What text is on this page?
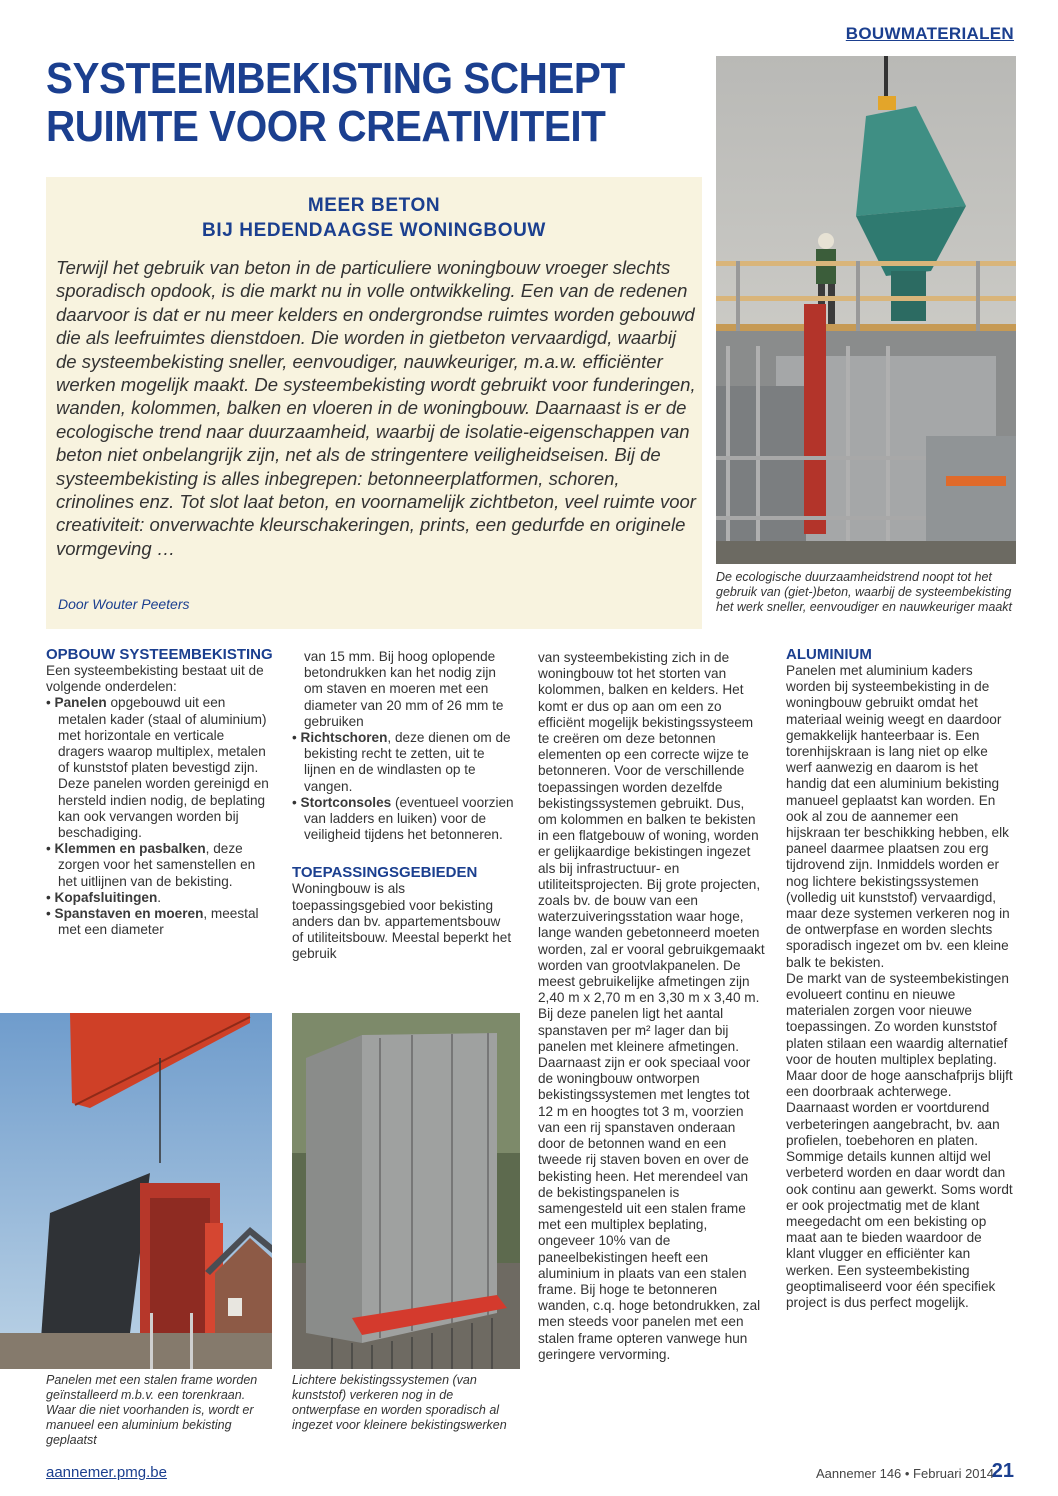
BOUWMATERIALEN
SYSTEEMBEKISTING SCHEPT
RUIMTE VOOR CREATIVITEIT
MEER BETON
BIJ HEDENDAAGSE WONINGBOUW
Terwijl het gebruik van beton in de particuliere woningbouw vroeger slechts sporadisch opdook, is die markt nu in volle ontwikkeling. Een van de redenen daarvoor is dat er nu meer kelders en ondergrondse ruimtes worden gebouwd die als leefruimtes dienstdoen. Die worden in gietbeton vervaardigd, waarbij de systeembekisting sneller, eenvoudiger, nauwkeuriger, m.a.w. efficiënter werken mogelijk maakt. De systeembekisting wordt gebruikt voor funderingen, wanden, kolommen, balken en vloeren in de woningbouw. Daarnaast is er de ecologische trend naar duurzaamheid, waarbij de isolatie-eigenschappen van beton niet onbelangrijk zijn, net als de stringentere veiligheidseisen. Bij de systeembekisting is alles inbegrepen: betonneerplatformen, schoren, crinolines enz. Tot slot laat beton, en voornamelijk zichtbeton, veel ruimte voor creativiteit: onverwachte kleurschakeringen, prints, een gedurfde en originele vormgeving …
Door Wouter Peeters
De ecologische duurzaamheidstrend noopt tot het gebruik van (giet-)beton, waarbij de systeembekisting het werk sneller, eenvoudiger en nauwkeuriger maakt

OPBOUW SYSTEEMBEKISTING

Een systeembekisting bestaat uit de volgende onderdelen:

• Panelen opgebouwd uit een metalen kader (staal of aluminium) met horizontale en verticale dragers waarop multiplex, metalen of kunststof platen bevestigd zijn. Deze panelen worden gereinigd en hersteld indien nodig, de beplating kan ook vervangen worden bij beschadiging.

• Klemmen en pasbalken, deze zorgen voor het samenstellen en het uitlijnen van de bekisting.

• Kopafsluitingen.

• Spanstaven en moeren, meestal met een diameter

van 15 mm. Bij hoog oplopende betondrukken kan het nodig zijn om staven en moeren met een diameter van 20 mm of 26 mm te gebruiken

• Richtschoren, deze dienen om de bekisting recht te zetten, uit te lijnen en de windlasten op te vangen.

• Stortconsoles (eventueel voorzien van ladders en luiken) voor de veiligheid tijdens het betonneren.

TOEPASSINGSGEBIEDEN

Woningbouw is als toepassingsgebied voor bekisting anders dan bv. appartementsbouw of utiliteitsbouw. Meestal beperkt het gebruik

van systeembekisting zich in de woningbouw tot het storten van kolommen, balken en kelders. Het komt er dus op aan om een zo efficiënt mogelijk bekistingssysteem te creëren om deze betonnen elementen op een correcte wijze te betonneren. Voor de verschillende toepassingen worden dezelfde bekistingssystemen gebruikt. Dus, om kolommen en balken te bekisten in een flatgebouw of woning, worden er gelijkaardige bekistingen ingezet als bij infrastructuur- en utiliteitsprojecten. Bij grote projecten, zoals bv. de bouw van een waterzuiveringsstation waar hoge, lange wanden gebetonneerd moeten worden, zal er vooral gebruikgemaakt worden van grootvlakpanelen. De meest gebruikelijke afmetingen zijn 2,40 m x 2,70 m en 3,30 m x 3,40 m. Bij deze panelen ligt het aantal spanstaven per m² lager dan bij panelen met kleinere afmetingen.

Daarnaast zijn er ook speciaal voor de woningbouw ontworpen bekistingssystemen met lengtes tot 12 m en hoogtes tot 3 m, voorzien van een rij spanstaven onderaan door de betonnen wand en een tweede rij staven boven en over de bekisting heen. Het merendeel van de bekistingspanelen is samengesteld uit een stalen frame met een multiplex beplating, ongeveer 10% van de paneelbekistingen heeft een aluminium in plaats van een stalen frame. Bij hoge te betonneren wanden, c.q. hoge betondrukken, zal men steeds voor panelen met een stalen frame opteren vanwege hun geringere vervorming.

ALUMINIUM

Panelen met aluminium kaders worden bij systeembekisting in de woningbouw gebruikt omdat het materiaal weinig weegt en daardoor gemakkelijk hanteerbaar is. Een torenhijskraan is lang niet op elke werf aanwezig en daarom is het handig dat een aluminium bekisting manueel geplaatst kan worden. En ook al zou de aannemer een hijskraan ter beschikking hebben, elk paneel daarmee plaatsen zou erg tijdrovend zijn. Inmiddels worden er nog lichtere bekistingssystemen (volledig uit kunststof) vervaardigd, maar deze systemen verkeren nog in de ontwerpfase en worden slechts sporadisch ingezet om bv. een kleine balk te bekisten.

De markt van de systeembekistingen evolueert continu en nieuwe materialen zorgen voor nieuwe toepassingen. Zo worden kunststof platen stilaan een waardig alternatief voor de houten multiplex beplating. Maar door de hoge aanschafprijs blijft een doorbraak achterwege.

Daarnaast worden er voortdurend verbeteringen aangebracht, bv. aan profielen, toebehoren en platen. Sommige details kunnen altijd wel verbeterd worden en daar wordt dan ook continu aan gewerkt. Soms wordt er ook projectmatig met de klant meegedacht om een bekisting op maat aan te bieden waardoor de klant vlugger en efficiënter kan werken. Een systeembekisting geoptimaliseerd voor één specifiek project is dus perfect mogelijk.

Panelen met een stalen frame worden geïnstalleerd m.b.v. een torenkraan. Waar die niet voorhanden is, wordt er manueel een aluminium bekisting geplaatst
Lichtere bekistingssystemen (van kunststof) verkeren nog in de ontwerpfase en worden sporadisch al ingezet voor kleinere bekistingswerken
aannemer.pmg.be	Aannemer 146 • Februari 2014
21
